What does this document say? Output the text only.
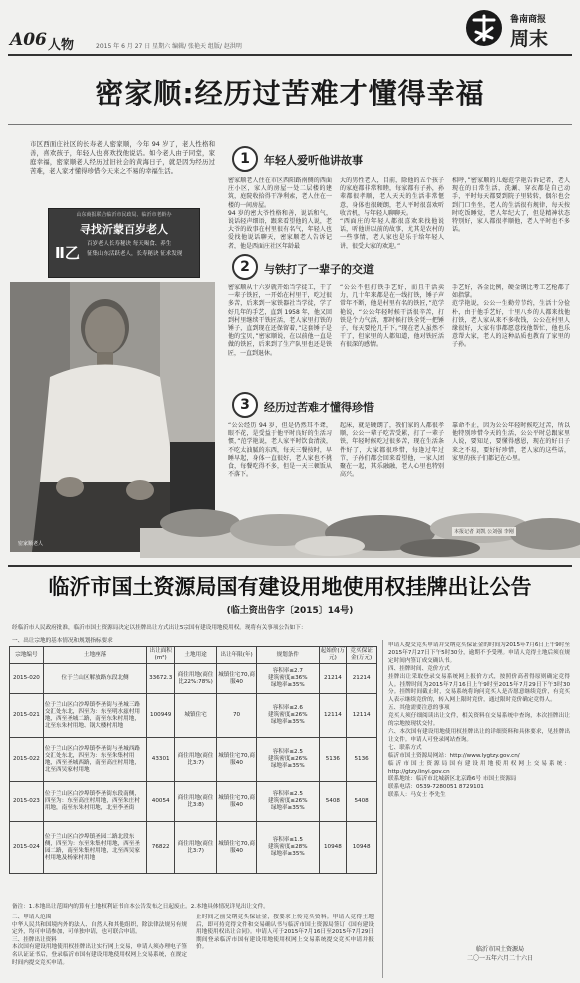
A06 人物	2015 年 6 月 27 日 星期六 编辑/ 张艳天 组版/ 赵洪明
鲁南商报
周末
密家顺:经历过苦难才懂得幸福
市区西面庄社区的长寿老人密家顺，今年 94 岁了，老人性格和善，喜欢孩子，年轻人也喜欢找他说话。如今老人由子同堂，家庭幸福，密家顺老人经历过旧社会的黄海日子，就是因为经历过苦难，老人家才懂得珍惜今天来之不易的幸福生活。
山东商报联合临沂市民政局、临沂市老龄办
寻找沂蒙百岁老人
Ⅱ乙 百岁老人长寿秘诀 每天喝食、养生
征集山东活跃老人，长寿秘诀 征求发现
密家顺老人
1	年轻人爱听他讲故事
密家顺老人住在市区西阳路南侧的西面庄小区，家人的房屋一处二层楼的建筑，庭院收拾得干净利索，老人住在一楼的一间房屋。
94 岁的密大爷性格和善，说话和气，说话轻声细语，跟来看望他的人说，老大爷的故事在村里很有名气，年轻人也爱找他说话聊天，密家顺老人告诉记者，他是西面庄社区年龄最
大的男性老人，目前，除他的五个孩子的家庭都非常和睦，每家都有子孙，孙辈都很孝顺，老人天天的生活非常惬意，身体也很硬朗，老人平时很喜欢听收音机，与年轻人聊聊天。
“西面庄的年轻人都很喜欢来找他说话，听他讲以前的故事，尤其是农村的一些事情，老人家也是乐于给年轻人讲，很受大家的欢迎。”
相呼，”密家顺的儿媳范学艳告诉记者，老人现在的日常生活，洗涮、穿衣都是自己动手，平时每天都要到院子里转转，偶尔也会到门口坐坐，老人的生活很有规律，每天按时吃饭睡觉，老人年纪大了，但是精神状态特别好，家人都很孝顺他，老人平时也不多话。
2	与铁打了一辈子的交道
密家顺从十六岁就开始当学徒工，干了一辈子铁匠，一开始在村里干，吃过很多苦，后来到一家铁器社当学徒，学了好几年的手艺，直到 1958 年，他又回到村里继续干铁匠活，老人家里打铁的锤子，直到现在还保留着，”这套锤子是他的宝贝，”密家顺说，在以前他一直是做的铁匠，后来到了生产队里也还是铁匠，一直到退休。
“公公不但打铁手艺好，而且干活卖力，几十年来都是在一线打铁，锤子声常年不断，他是村里有名的铁匠，”范学艳说，“公公年轻时候干活很辛苦，打铁是个力气活，那时候打铁全凭一把锤子，每天要抡几千下。”现在老人虽然不干了，但家里的人都知道，他对铁匠活有很深的感情。
手艺好，各金比例，硬金钢比考工艺枪都了如指掌。
范学艳说，公公一生勤劳节约，生活十分俭朴，由于他手艺好，十里八乡的人都来找他打铁，老人家从来不多收钱，公公在村里人缘很好，大家有事都愿意找他帮忙，他也乐意帮大家，老人的这种品质也教育了家里的子孙。
3	经历过苦难才懂得珍惜
“公公经历 94 岁，但是仍然耳不聋，眼不花，是受益于他平时良好的生活习惯，”范学艳说，老人家平时饮食清淡，不吃太油腻的东西，每天三餐按时，早睡早起，身体一直很好，老人家也不挑食，每餐吃得不多，但是一天三顿饭从不落下。
起床，就是硬朗了，我们家的人都很孝顺，公公一辈子吃苦受累，打了一辈子铁，年轻时候吃过很多苦，现在生活条件好了，大家都很珍惜，每逢过年过节，子孙们都会回来看望他，一家人团聚在一起，其乐融融，老人心里也特别高兴。
靠命不止，因为公公年轻时候吃过苦，所以他特别珍惜今天的生活，公公平时总跟家里人说，要知足，要懂得感恩，现在的好日子来之不易，要好好珍惜，老人家的这些话，家里的孩子们都记在心里。
本报记者 刘凯 公刘强 李刚
临沂市国土资源局国有建设用地使用权挂牌出让公告
(临土资出告字〔2015〕14号)
经临沂市人民政府批准，临沂市国土资源局决定以挂牌出让方式出让5宗国有建设用地使用权。现将有关事项公告如下：
一、出让宗地的基本情况和规划指标要求
宗地编号	土地座落	出让面积(m²)	土地用途	出让年限(年)	规划条件	起始价(万元)	竞买保证金(万元)
2015-020	位于兰山区解放路东段北侧	33672.3	商住用地(商住比22%:78%)	城镇住宅70,商服40	容积率≤2.7
建筑密度≤36%
绿地率≥35%	21214	21214
2015-021	位于兰山区白沙埠镇李圣街与圣城三路交汇处东北，四至为：东至明水兹村用地，西至圣城二路，南至东朱村用地，北至东朱村用地、锅大楼村用地	100949	城镇住宅	70	容积率≤2.6
建筑密度≤26%
绿地率≥35%	12114	12114
2015-022	位于兰山区白沙埠镇李圣街与圣城西路交汇处东北，四至为：东至朱集村用地，西至圣城西路，南至高庄村用地，北至西吴家村用地	43301	商住用地(商住比3:7)	城镇住宅70,商服40	容积率≤2.5
建筑密度≤26%
绿地率≥35%	5136	5136
2015-023	位于兰山区白沙埠镇李圣街东段南侧，四至为：东至高庄村用地，西至朱庄村用地，南至东朱村用地，北至李圣街	40054	商住用地(商住比3:8)	城镇住宅70,商服40	容积率≤2.5
建筑密度≤26%
绿地率≥35%	5408	5408
2015-024	位于兰山区白沙埠镇圣园二路北段东侧，四至为：东至朱集村用地，西至圣园二路，南至朱集村用地，北至西吴家村用地及杨家村用地	76822	商住用地(商住比3:7)	城镇住宅70,商服40	容积率≤1.5
建筑密度≤28%
绿地率≥35%	10948	10948
备注：1.本地出让范围内的算有土地权利证书自本公告发布之日起废止。2.本地具体情况详见出让文件。
二、申请人范围
中华人民共和国境内外的法人、自然人和其他组织，除法律法规另有规定外，均可申请参加，可单独申请，也可联合申请。
三、挂牌出让资料
本次国有建设用地使用权挂牌出让实行网上交易，申请人须办理电子签名认证证书后，登录临沂市国有建设用地使用权网上交易系统，在规定时间内提交竞买申请。
止时间之前交纳竞买保证金，按要求上传竞买资料。申请人竞得土地后，即可持竞得文件和交易确认书与临沂市国土资源局签订《国有建设用地使用权出让合同》。申请人可于2015年7月16日至2015年7月29日期间登录临沂市国有建设用地使用权网上交易系统提交竞买申请并报价。
申请人提交竞买申请并交纳竞买保证金的时间为2015年7月6日上午9时至2015年7月27日下午5时30分，逾期不予受理。申请人竞得土地后须在规定时间内签订成交确认书。
四、挂牌时间、竞价方式
挂牌出让采取登录交易系统网上报价方式，按照价高者得原则确定竞得人。挂牌时间为2015年7月16日上午9时至2015年7月29日下午3时30分。挂牌时间截止时，交易系统将询问竞买人是否愿意继续竞价，有竞买人表示继续竞价的，转入网上限时竞价，通过限时竞价确定竞得人。
五、其他需要注意的事项
竞买人须仔细阅读出让文件，相关资料在交易系统中查询，本次挂牌出让的宗地按现状交付。
六、本次国有建设用地使用权挂牌出让的详细资料和具体要求，见挂牌出让文件。申请人可登录网站查询。
七、联系方式
临沂市国土资源局网站：http://www.lygtzy.gov.cn/
临沂市国土资源局国有建设用地使用权网上交易系统：http://gtzy.linyi.gov.cn
联系地址：临沂市北城新区北京路6号 市国土资源局
联系电话：0539-7280051 8729101
联系人：马女士 李先生
临沂市国土资源局
二〇一五年六月二十六日
